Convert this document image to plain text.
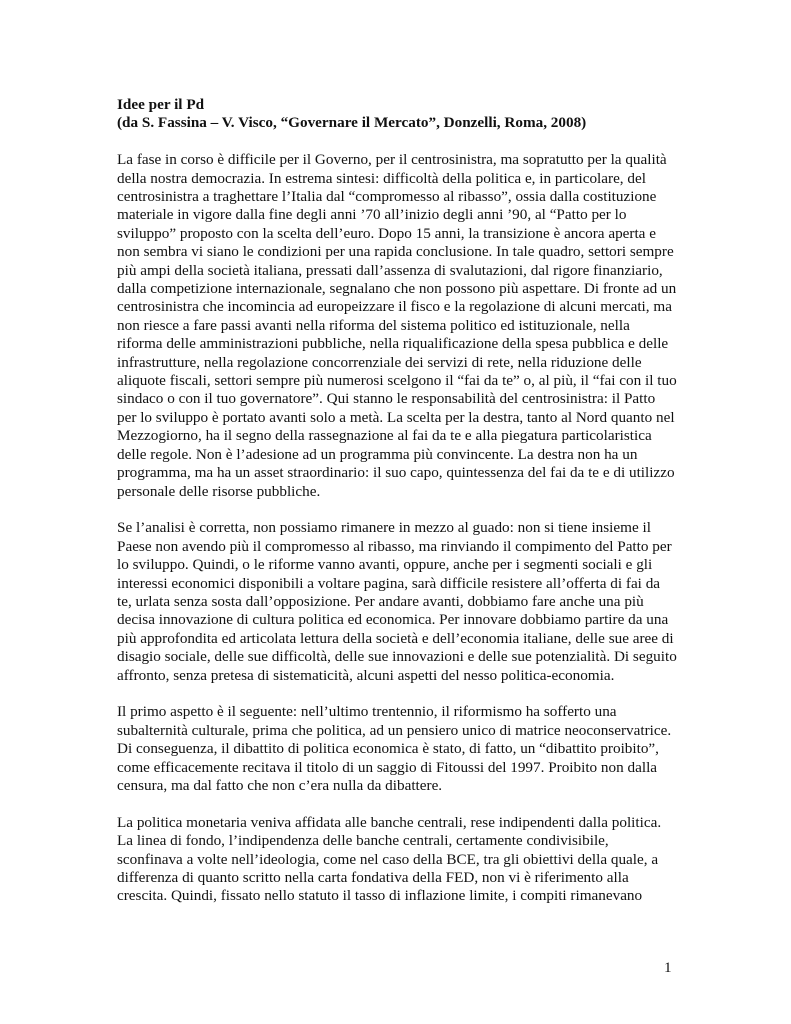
Idee per il Pd

(da S. Fassina – V. Visco, “Governare il Mercato”, Donzelli, Roma, 2008)

La fase in corso è difficile per il Governo, per il centrosinistra, ma sopratutto per la qualità della nostra democrazia. In estrema sintesi: difficoltà della politica e, in particolare, del centrosinistra a traghettare l’Italia dal “compromesso al ribasso”, ossia dalla costituzione materiale in vigore dalla fine degli anni ’70 all’inizio degli anni ’90, al “Patto per lo sviluppo” proposto con la scelta dell’euro. Dopo 15 anni, la transizione è ancora aperta e non sembra vi siano le condizioni per una rapida conclusione. In tale quadro, settori sempre più ampi della società italiana, pressati dall’assenza di svalutazioni, dal rigore finanziario, dalla competizione internazionale, segnalano che non possono più aspettare. Di fronte ad un centrosinistra che incomincia ad europeizzare il fisco e la regolazione di alcuni mercati, ma non riesce a fare passi avanti nella riforma del sistema politico ed istituzionale, nella riforma delle amministrazioni pubbliche, nella riqualificazione della spesa pubblica e delle infrastrutture, nella regolazione concorrenziale dei servizi di rete, nella riduzione delle aliquote fiscali, settori sempre più numerosi scelgono il “fai da te” o, al più, il “fai con il tuo sindaco o con il tuo governatore”. Qui stanno le responsabilità del centrosinistra: il Patto per lo sviluppo è portato avanti solo a metà. La scelta per la destra, tanto al Nord quanto nel Mezzogiorno, ha il segno della rassegnazione al fai da te e alla piegatura particolaristica delle regole. Non è l’adesione ad un programma più convincente. La destra non ha un programma, ma ha un asset straordinario: il suo capo, quintessenza del fai da te e di utilizzo personale delle risorse pubbliche.

Se l’analisi è corretta, non possiamo rimanere in mezzo al guado: non si tiene insieme il Paese non avendo più il compromesso al ribasso, ma rinviando il compimento del Patto per lo sviluppo. Quindi, o le riforme vanno avanti, oppure, anche per i segmenti sociali e gli interessi economici disponibili a voltare pagina, sarà difficile resistere all’offerta di fai da te, urlata senza sosta dall’opposizione. Per andare avanti, dobbiamo fare anche una più decisa innovazione di cultura politica ed economica. Per innovare dobbiamo partire da una più approfondita ed articolata lettura della società e dell’economia italiane, delle sue aree di disagio sociale, delle sue difficoltà, delle sue innovazioni e delle sue potenzialità. Di seguito affronto, senza pretesa di sistematicità, alcuni aspetti del nesso politica-economia.

Il primo aspetto è il seguente: nell’ultimo trentennio, il riformismo ha sofferto una subalternità culturale, prima che politica, ad un pensiero unico di matrice neoconservatrice. Di conseguenza, il dibattito di politica economica è stato, di fatto, un “dibattito proibito”, come efficacemente recitava il titolo di un saggio di Fitoussi del 1997. Proibito non dalla censura, ma dal fatto che non c’era nulla da dibattere.

La politica monetaria veniva affidata alle banche centrali, rese indipendenti dalla politica. La linea di fondo, l’indipendenza delle banche centrali, certamente condivisibile, sconfinava a volte nell’ideologia, come nel caso della BCE, tra gli obiettivi della quale, a differenza di quanto scritto nella carta fondativa della FED, non vi è riferimento alla crescita. Quindi, fissato nello statuto il tasso di inflazione limite, i compiti rimanevano

1
